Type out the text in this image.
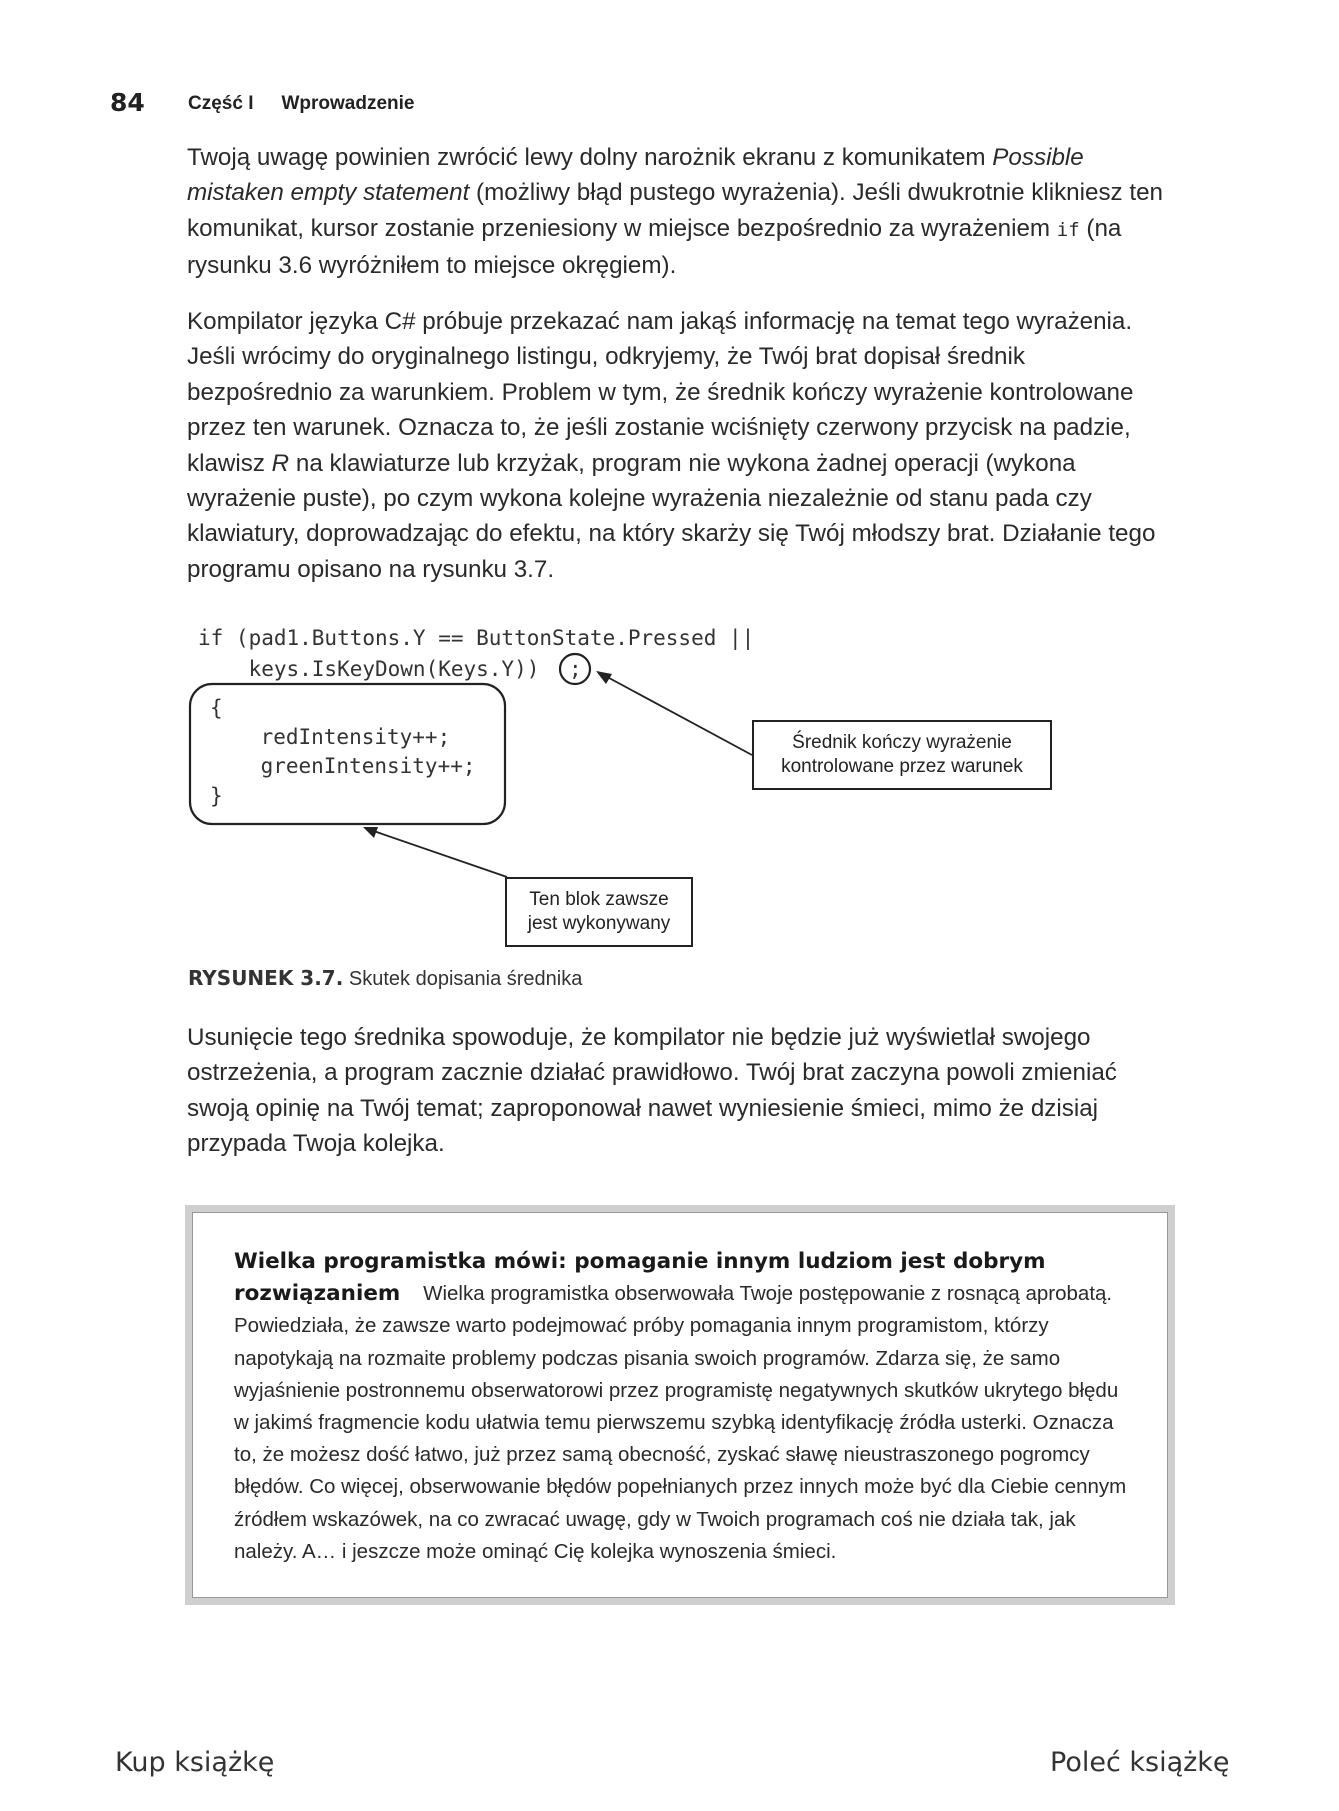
84 Część I Wprowadzenie
Twoją uwagę powinien zwrócić lewy dolny narożnik ekranu z komunikatem Possible mistaken empty statement (możliwy błąd pustego wyrażenia). Jeśli dwukrotnie klikniesz ten komunikat, kursor zostanie przeniesiony w miejsce bezpośrednio za wyrażeniem if (na rysunku 3.6 wyróżniłem to miejsce okręgiem).
Kompilator języka C# próbuje przekazać nam jakąś informację na temat tego wyrażenia. Jeśli wrócimy do oryginalnego listingu, odkryjemy, że Twój brat dopisał średnik bezpośrednio za warunkiem. Problem w tym, że średnik kończy wyrażenie kontrolowane przez ten warunek. Oznacza to, że jeśli zostanie wciśnięty czerwony przycisk na padzie, klawisz R na klawiaturze lub krzyżak, program nie wykona żadnej operacji (wykona wyrażenie puste), po czym wykona kolejne wyrażenia niezależnie od stanu pada czy klawiatury, doprowadzając do efektu, na który skarży się Twój młodszy brat. Działanie tego programu opisano na rysunku 3.7.
if (pad1.Buttons.Y == ButtonState.Pressed ||
keys.IsKeyDown(Keys.Y)) ;
{
redIntensity++;
greenIntensity++;
}
Średnik kończy wyrażenie
kontrolowane przez warunek
Ten blok zawsze
jest wykonywany
RYSUNEK 3.7. Skutek dopisania średnika
Usunięcie tego średnika spowoduje, że kompilator nie będzie już wyświetlał swojego ostrzeżenia, a program zacznie działać prawidłowo. Twój brat zaczyna powoli zmieniać swoją opinię na Twój temat; zaproponował nawet wyniesienie śmieci, mimo że dzisiaj przypada Twoja kolejka.
Wielka programistka mówi: pomaganie innym ludziom jest dobrym rozwiązaniem Wielka programistka obserwowała Twoje postępowanie z rosnącą aprobatą. Powiedziała, że zawsze warto podejmować próby pomagania innym programistom, którzy napotykają na rozmaite problemy podczas pisania swoich programów. Zdarza się, że samo wyjaśnienie postronnemu obserwatorowi przez programistę negatywnych skutków ukrytego błędu w jakimś fragmencie kodu ułatwia temu pierwszemu szybką identyfikację źródła usterki. Oznacza to, że możesz dość łatwo, już przez samą obecność, zyskać sławę nieustraszonego pogromcy błędów. Co więcej, obserwowanie błędów popełnianych przez innych może być dla Ciebie cennym źródłem wskazówek, na co zwracać uwagę, gdy w Twoich programach coś nie działa tak, jak należy. A… i jeszcze może ominąć Cię kolejka wynoszenia śmieci.
Kup książkę	Poleć książkę
